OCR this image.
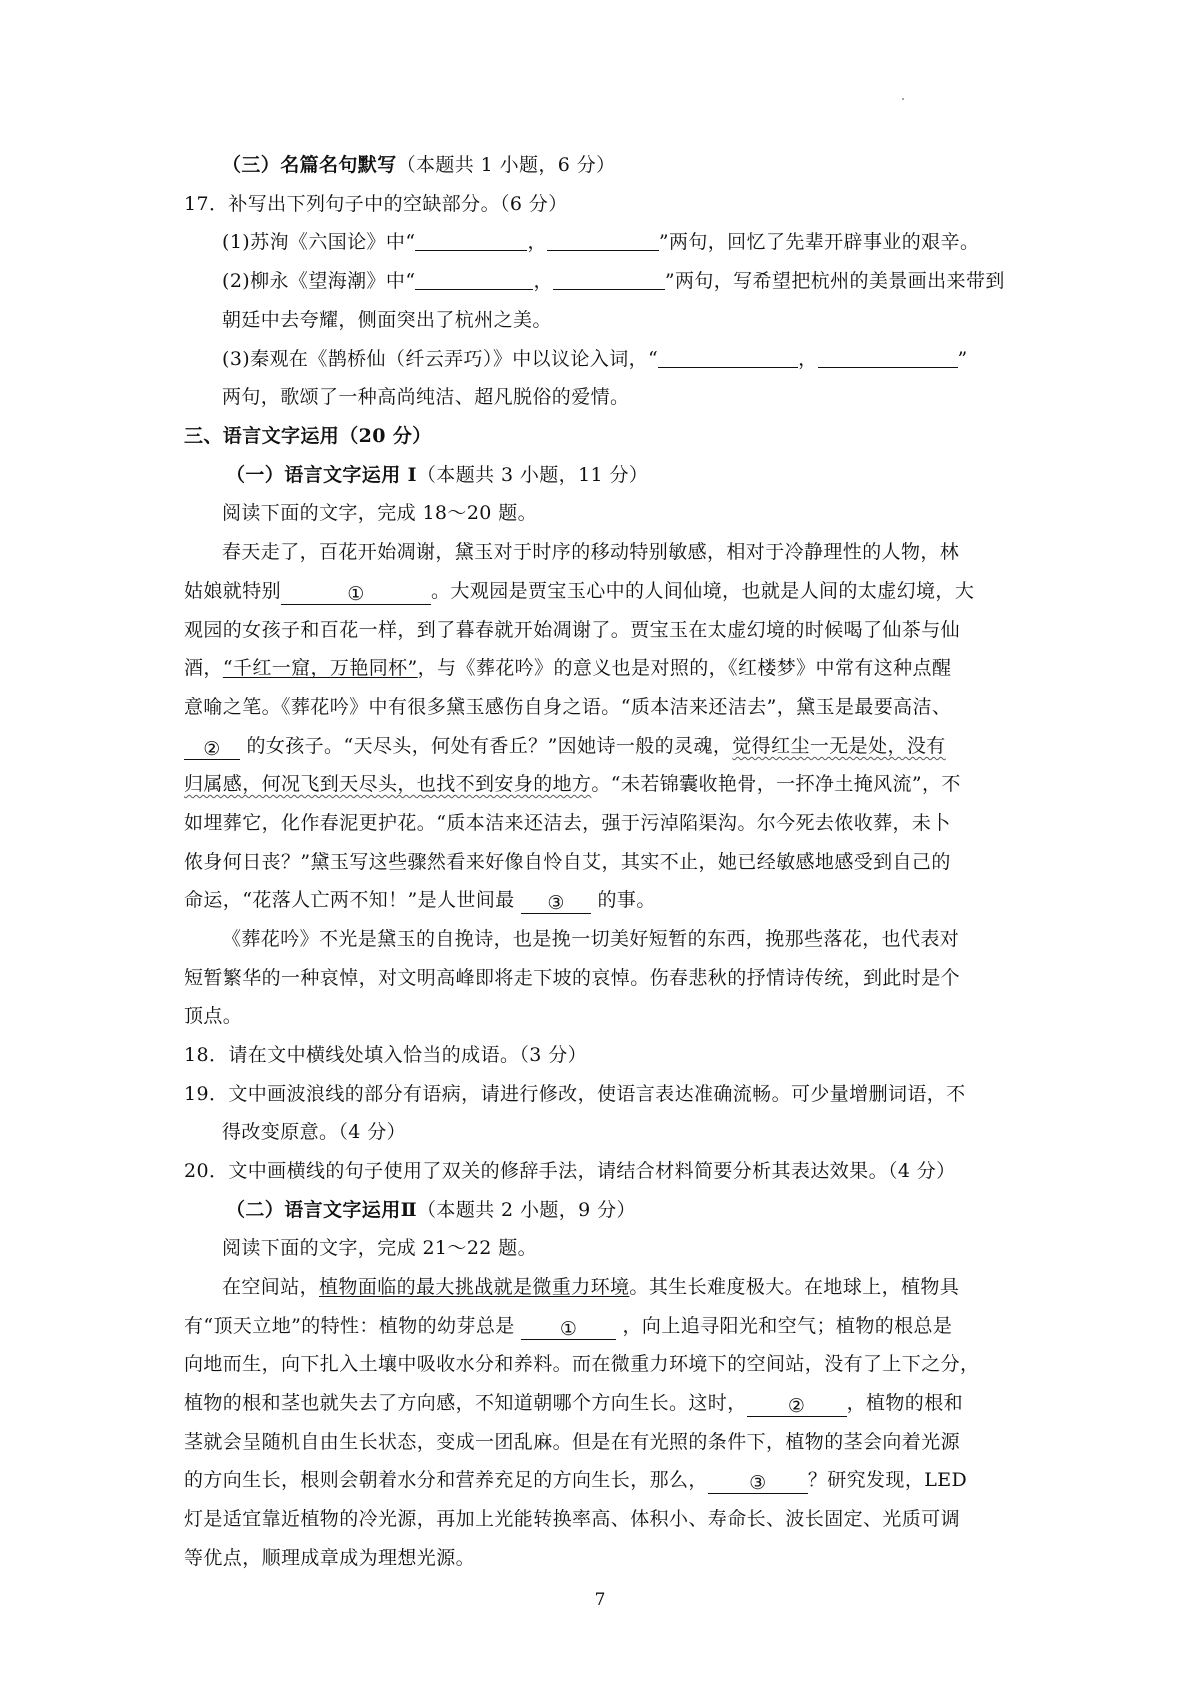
（三）名篇名句默写（本题共 1 小题，6 分）
17．补写出下列句子中的空缺部分。（6 分）
(1)苏洵《六国论》中“	，	”两句，回忆了先辈开辟事业的艰辛。
(2)柳永《望海潮》中“	，	”两句，写希望把杭州的美景画出来带到
朝廷中去夸耀，侧面突出了杭州之美。
(3)秦观在《鹊桥仙（纤云弄巧）》中以议论入词，“	，	”
两句，歌颂了一种高尚纯洁、超凡脱俗的爱情。
三、语言文字运用（20 分）
（一）语言文字运用 I（本题共 3 小题，11 分）
阅读下面的文字，完成 18～20 题。
春天走了，百花开始凋谢，黛玉对于时序的移动特别敏感，相对于冷静理性的人物，林
姑娘就特别	①	。大观园是贾宝玉心中的人间仙境，也就是人间的太虚幻境，大
观园的女孩子和百花一样，到了暮春就开始凋谢了。贾宝玉在太虚幻境的时候喝了仙茶与仙
酒，“千红一窟，万艳同杯”，与《葬花吟》的意义也是对照的，《红楼梦》中常有这种点醒
意喻之笔。《葬花吟》中有很多黛玉感伤自身之语。“质本洁来还洁去”，黛玉是最要高洁、
② 的女孩子。“天尽头，何处有香丘？”因她诗一般的灵魂，觉得红尘一无是处，没有
归属感，何况飞到天尽头，也找不到安身的地方。“未若锦囊收艳骨，一抔净土掩风流”，不
如埋葬它，化作春泥更护花。“质本洁来还洁去，强于污淖陷渠沟。尔今死去侬收葬，未卜
侬身何日丧？”黛玉写这些骤然看来好像自怜自艾，其实不止，她已经敏感地感受到自己的
命运，“花落人亡两不知！”是人世间最 ③ 的事。
《葬花吟》不光是黛玉的自挽诗，也是挽一切美好短暂的东西，挽那些落花，也代表对
短暂繁华的一种哀悼，对文明高峰即将走下坡的哀悼。伤春悲秋的抒情诗传统，到此时是个
顶点。
18．请在文中横线处填入恰当的成语。（3 分）
19．文中画波浪线的部分有语病，请进行修改，使语言表达准确流畅。可少量增删词语，不
得改变原意。（4 分）
20．文中画横线的句子使用了双关的修辞手法，请结合材料简要分析其表达效果。（4 分）
（二）语言文字运用Ⅱ（本题共 2 小题，9 分）
阅读下面的文字，完成 21～22 题。
在空间站，植物面临的最大挑战就是微重力环境。其生长难度极大。在地球上，植物具
有“顶天立地”的特性：植物的幼芽总是 ① ，向上追寻阳光和空气；植物的根总是
向地而生，向下扎入土壤中吸收水分和养料。而在微重力环境下的空间站，没有了上下之分，
植物的根和茎也就失去了方向感，不知道朝哪个方向生长。这时， ② ，植物的根和
茎就会呈随机自由生长状态，变成一团乱麻。但是在有光照的条件下，植物的茎会向着光源
的方向生长，根则会朝着水分和营养充足的方向生长，那么， ③ ？研究发现，LED
灯是适宜靠近植物的冷光源，再加上光能转换率高、体积小、寿命长、波长固定、光质可调
等优点，顺理成章成为理想光源。
7
